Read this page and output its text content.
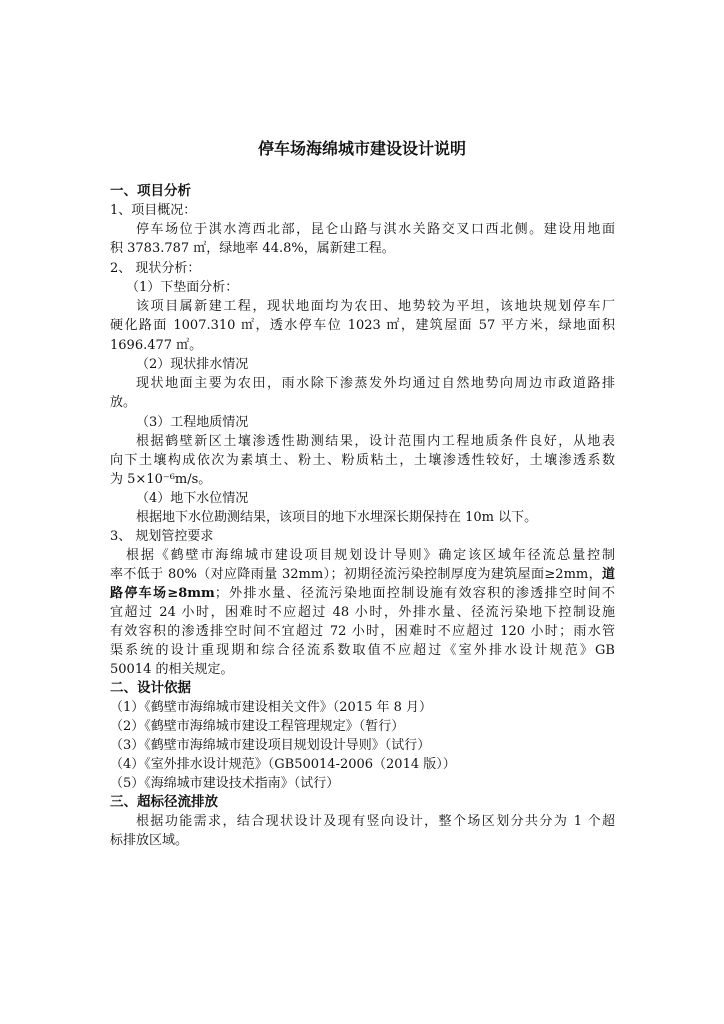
停车场海绵城市建设设计说明
一、项目分析
1、项目概况：
停车场位于淇水湾西北部，昆仑山路与淇水关路交叉口西北侧。建设用地面
积 3783.787 ㎡，绿地率 44.8%，属新建工程。
2、 现状分析：
（1）下垫面分析：
该项目属新建工程，现状地面均为农田、地势较为平坦，该地块规划停车厂
硬化路面 1007.310 ㎡，透水停车位 1023 ㎡，建筑屋面 57 平方米，绿地面积
1696.477 ㎡。
（2）现状排水情况
现状地面主要为农田，雨水除下渗蒸发外均通过自然地势向周边市政道路排
放。
（3）工程地质情况
根据鹤壁新区土壤渗透性勘测结果，设计范围内工程地质条件良好，从地表
向下土壤构成依次为素填土、粉土、粉质粘土，土壤渗透性较好，土壤渗透系数
为 5×10⁻⁶m/s。
（4）地下水位情况
根据地下水位勘测结果，该项目的地下水埋深长期保持在 10m 以下。
3、 规划管控要求
根据《鹤壁市海绵城市建设项目规划设计导则》确定该区域年径流总量控制
率不低于 80%（对应降雨量 32mm）；初期径流污染控制厚度为建筑屋面≥2mm，道
路停车场≥8mm；外排水量、径流污染地面控制设施有效容积的渗透排空时间不
宜超过 24 小时，困难时不应超过 48 小时，外排水量、径流污染地下控制设施
有效容积的渗透排空时间不宜超过 72 小时，困难时不应超过 120 小时；雨水管
渠系统的设计重现期和综合径流系数取值不应超过《室外排水设计规范》GB
50014 的相关规定。
二、设计依据
（1）《鹤壁市海绵城市建设相关文件》（2015 年 8 月）
（2）《鹤壁市海绵城市建设工程管理规定》（暂行）
（3）《鹤壁市海绵城市建设项目规划设计导则》（试行）
（4）《室外排水设计规范》（GB50014-2006（2014 版））
（5）《海绵城市建设技术指南》（试行）
三、超标径流排放
根据功能需求，结合现状设计及现有竖向设计，整个场区划分共分为 1 个超
标排放区域。
